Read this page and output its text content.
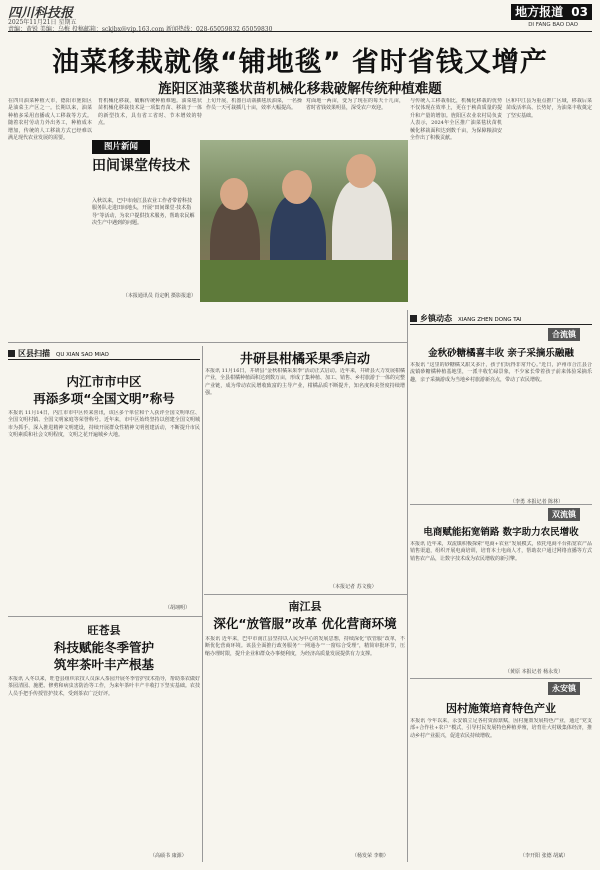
四川科技报
2025年11月21日 星期五
责编：黄锐 美编：乌梅 投稿邮箱：sckjbx@vip.163.com 新闻热线：028-65059832 65059830
地方报道 03
DI FANG BAO DAO
油菜移栽就像“铺地毯” 省时省钱又增产
旌阳区油菜毯状苗机械化移栽破解传统种植难题
在四川油菜种植大市，德阳市旌阳区是油菜主产区之一。长期以来，油菜种植多采用直播或人工移栽等方式。随着农村劳动力外出务工，种植成本增加，传统的人工移栽方式已经难以满足现代农业发展的需要。
育机械化移栽，破解传统种植难题。油菜毯状苗机械化移栽技术是一项集育苗、移栽于一体的新型技术，具有省工省时、节本增效的特点。
上旬开展，机器自动栽插毯状油菜，一名操作员一天可栽插几十亩，效率大幅提高。
对面地一两亩，变为了现在的每天十几亩，省时省钱效果明显，深受农户欢迎。
与传统人工移栽相比，机械化移栽的优势不仅体现在效率上，更在于秧苗质量的提升和产量的增加。旌阳区农业农村局负责人表示，2024年全区推广油菜毯状苗机械化移栽面积达到数千亩，为保障粮油安全作出了积极贡献。
区和中江县为重点推广区域，移栽后菜苗成活率高、长势好，为油菜丰收奠定了坚实基础。
图片新闻
田间课堂传技术
入秋以来，巴中市南江县农业工作者带着科技服务队走进田间地头，开展“田间课堂·技术指导”等活动，为农户提供技术服务，帮助农民解决生产中遇到的问题。
（本报通讯员 肖定帆 摄影报道）
区县扫描 QU XIAN SAO MIAO
乡镇动态 XIANG ZHEN DONG TAI
内江市市中区
再添多项“全国文明”称号
本报讯 11月14日，内江市市中区传来喜讯，该区多个单位和个人获评全国文明单位、全国文明村镇、全国文明家庭等荣誉称号。近年来，市中区始终坚持以创建全国文明城市为抓手，深入推进精神文明建设，持续开展群众性精神文明创建活动，不断提升市民文明素质和社会文明程度，文明之花开遍城乡大地。
（胡翊明）
井研县柑橘采果季启动
本报讯 11月16日，井研县“金秋柑橘采果季”活动正式启动。近年来，井研县大力发展柑橘产业，全县柑橘种植面积达到数万亩，形成了集种植、加工、销售、乡村旅游于一体的完整产业链，成为带动农民增收致富的主导产业，柑橘品质不断提升，知名度和美誉度持续增强。
（本报记者 苏文俊）
南江县
深化“放管服”改革 优化营商环境
本报讯 近年来，巴中市南江县坚持以人民为中心的发展思想，持续深化“放管服”改革，不断优化营商环境。该县全面推行政务服务“一网通办”“一窗综合受理”，精简审批环节，压缩办理时限，提升企业和群众办事便利度，为经济高质量发展提供有力支撑。
（杨发荣 李朝）
旺苍县
科技赋能冬季管护
筑牢茶叶丰产根基
本报讯 入冬以来，旺苍县组织农技人员深入茶园开展冬季管护技术指导，帮助茶农做好茶园清园、施肥、修剪和病虫害防治等工作，为来年茶叶丰产丰收打下坚实基础。农技人员手把手传授管护技术，受到茶农广泛好评。
（高硕书 康源）
合流镇
金秋砂糖橘喜丰收 亲子采摘乐融融
本报讯 “这里的砂糖橘又甜又多汁，孩子们玩得非常开心。”近日，泸州市合江县合流镇砂糖橘种植基地里，一派丰收忙碌景象，不少家长带着孩子前来体验采摘乐趣，亲子采摘游成为当地乡村旅游新亮点，带动了农民增收。
（李勇 本报记者 陈林）
双流镇
电商赋能拓宽销路 数字助力农民增收
本报讯 近年来，双流镇积极探索“电商+农业”发展模式，依托电商平台拓宽农产品销售渠道，组织开展电商培训，培育本土电商人才，帮助农户通过网络直播等方式销售农产品，让数字技术成为农民增收的新引擎。
（黄原 本报记者 杨永发）
永安镇
因村施策培育特色产业
本报讯 今年以来，永安镇立足各村资源禀赋，因村施策发展特色产业，通过“党支部+合作社+农户”模式，引导村民发展特色种植养殖，培育壮大村级集体经济，推动乡村产业振兴，促进农民持续增收。
（李开阳 张德 胡斌）
